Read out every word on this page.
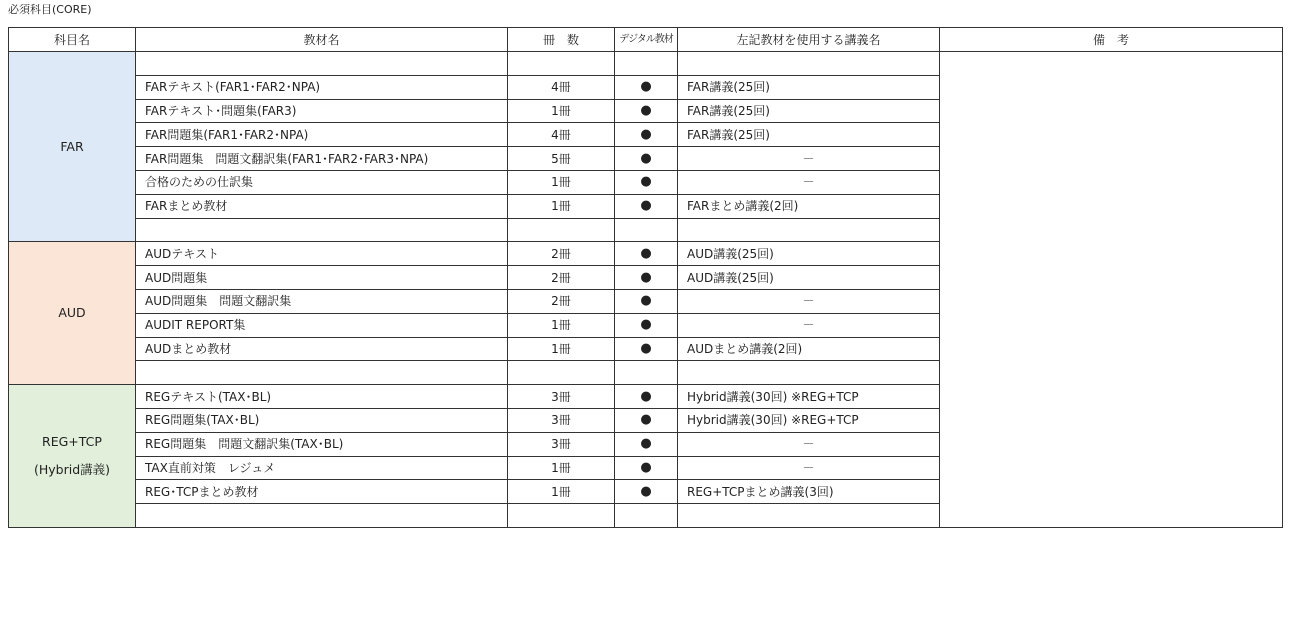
必須科目(CORE)
科目名	教材名	冊　数	デジタル教材	左記教材を使用する講義名	備　考

FAR					

	FARテキスト(FAR1･FAR2･NPA)	4冊	●	FAR講義(25回)	
	FARテキスト･問題集(FAR3)	1冊	●	FAR講義(25回)	
	FAR問題集(FAR1･FAR2･NPA)	4冊	●	FAR講義(25回)	
	FAR問題集　問題文翻訳集(FAR1･FAR2･FAR3･NPA)	5冊	●	－	
	合格のための仕訳集	1冊	●	－	
	FARまとめ教材	1冊	●	FARまとめ講義(2回)	

AUD	AUDテキスト	2冊	●	AUD講義(25回)	
	AUD問題集	2冊	●	AUD講義(25回)	
	AUD問題集　問題文翻訳集	2冊	●	－	
	AUDIT REPORT集	1冊	●	－	
	AUDまとめ教材	1冊	●	AUDまとめ講義(2回)	

REG+TCP
(Hybrid講義)	REGテキスト(TAX･BL)	3冊	●	Hybrid講義(30回) ※REG+TCP	
	REG問題集(TAX･BL)	3冊	●	Hybrid講義(30回) ※REG+TCP	
	REG問題集　問題文翻訳集(TAX･BL)	3冊	●	－	
	TAX直前対策　レジュメ	1冊	●	－	
	REG･TCPまとめ教材	1冊	●	REG+TCPまとめ講義(3回)	
